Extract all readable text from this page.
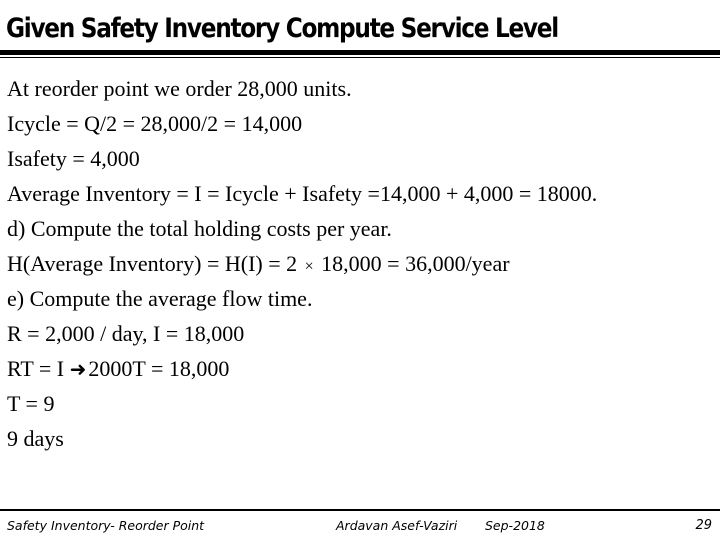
Given Safety Inventory Compute Service Level
At reorder point we order 28,000 units.
Icycle = Q/2 = 28,000/2 = 14,000
Isafety = 4,000
Average Inventory = I = Icycle + Isafety =14,000 + 4,000 = 18000.
d) Compute the total holding costs per year.
H(Average Inventory) = H(I) = 2 × 18,000 = 36,000/year
e) Compute the average flow time.
R = 2,000 / day, I = 18,000
RT = I ➜2000T = 18,000
T = 9
9 days
Safety Inventory- Reorder Point	Ardavan Asef-Vaziri Sep-2018	29
